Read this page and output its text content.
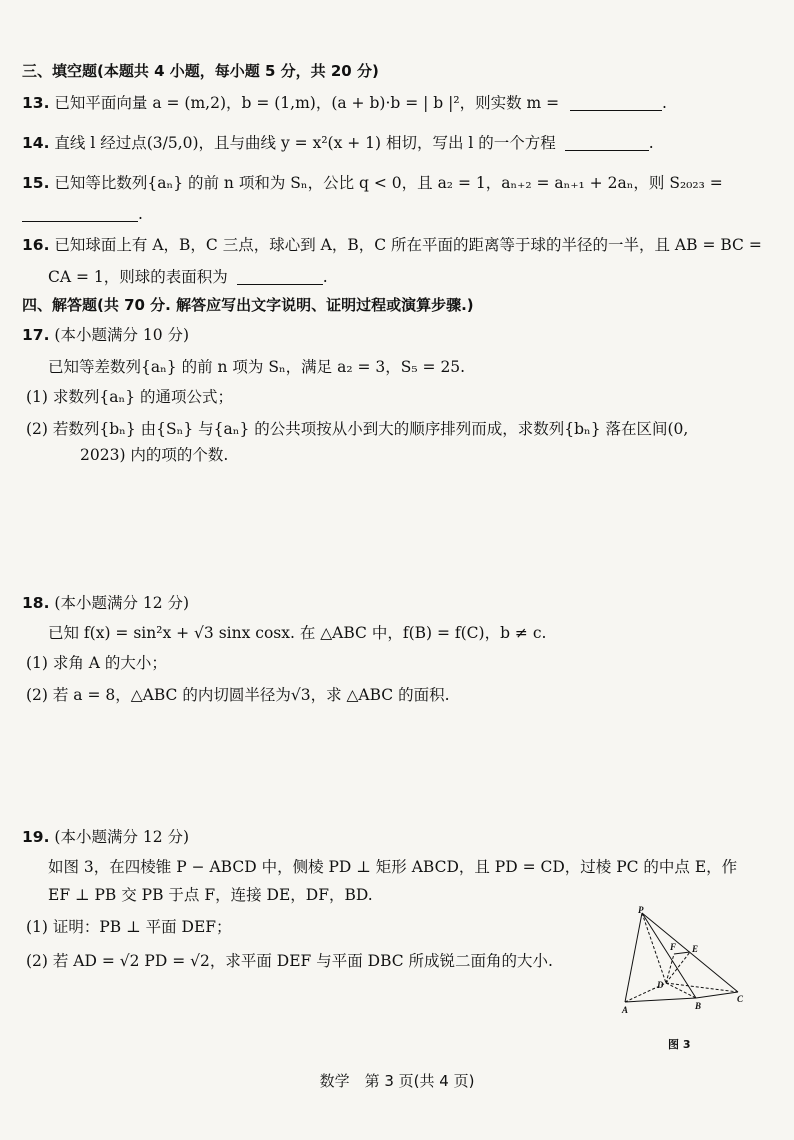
三、填空题(本题共 4 小题，每小题 5 分，共 20 分)
13. 已知平面向量 a = (m,2)，b = (1,m)，(a + b)·b = | b |²，则实数 m =	.
14. 直线 l 经过点(3/5,0)，且与曲线 y = x²(x + 1) 相切，写出 l 的一个方程	.
15. 已知等比数列{aₙ} 的前 n 项和为 Sₙ，公比 q < 0，且 a₂ = 1，aₙ₊₂ = aₙ₊₁ + 2aₙ，则 S₂₀₂₃ =
.
16. 已知球面上有 A，B，C 三点，球心到 A，B，C 所在平面的距离等于球的半径的一半，且 AB = BC =
CA = 1，则球的表面积为	.
四、解答题(共 70 分. 解答应写出文字说明、证明过程或演算步骤.)
17. (本小题满分 10 分)
已知等差数列{aₙ} 的前 n 项为 Sₙ，满足 a₂ = 3，S₅ = 25.
(1) 求数列{aₙ} 的通项公式；
(2) 若数列{bₙ} 由{Sₙ} 与{aₙ} 的公共项按从小到大的顺序排列而成，求数列{bₙ} 落在区间(0,
2023) 内的项的个数.
18. (本小题满分 12 分)
已知 f(x) = sin²x + √3 sinx cosx. 在 △ABC 中，f(B) = f(C)，b ≠ c.
(1) 求角 A 的大小；
(2) 若 a = 8，△ABC 的内切圆半径为√3，求 △ABC 的面积.
19. (本小题满分 12 分)
如图 3，在四棱锥 P − ABCD 中，侧棱 PD ⊥ 矩形 ABCD，且 PD = CD，过棱 PC 的中点 E，作
EF ⊥ PB 交 PB 于点 F，连接 DE，DF，BD.
(1) 证明：PB ⊥ 平面 DEF；
(2) 若 AD = √2 PD = √2，求平面 DEF 与平面 DBC 所成锐二面角的大小.
P
A	B
C
D
E
F
图 3
数学　第 3 页(共 4 页)
